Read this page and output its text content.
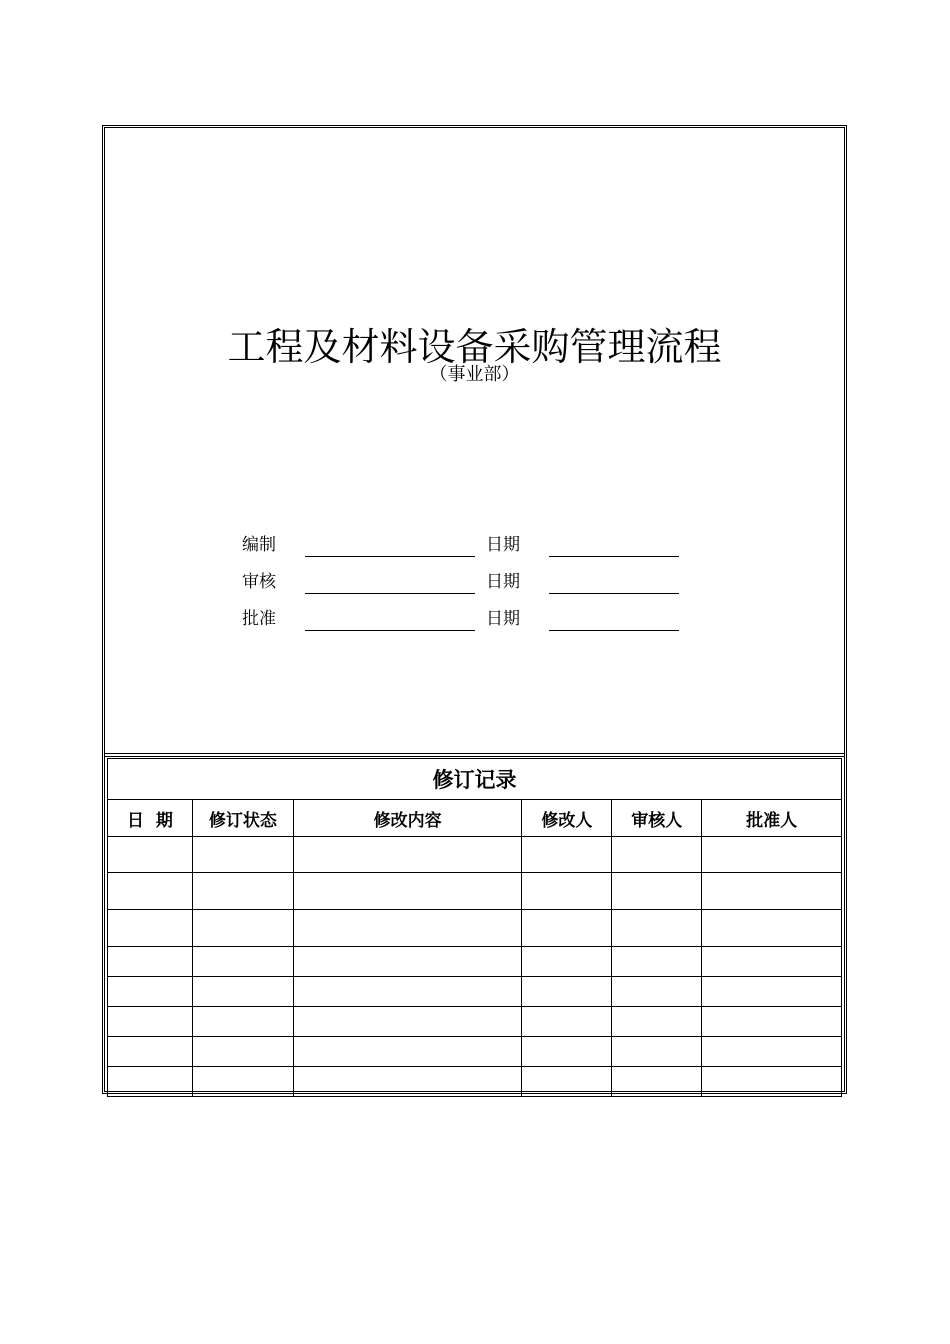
工程及材料设备采购管理流程
（事业部）
编制	日期
审核	日期
批准	日期
修订记录					
日  期	修订状态	修改内容	修改人	审核人	批准人
